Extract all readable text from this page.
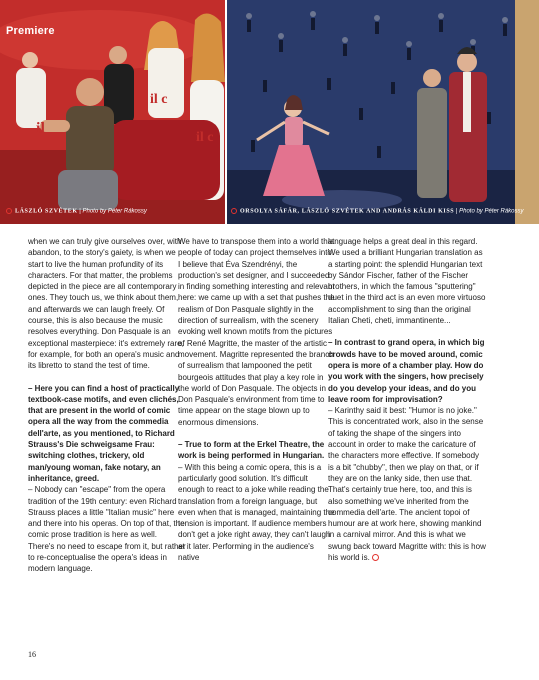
il
il c
il c
Premiere
LÁSZLÓ SZVÉTEK | Photo by Péter Rákossy	ORSOLYA SÁFÁR, LÁSZLÓ SZVÉTEK AND ANDRÁS KÁLDI KISS | Photo by Péter Rákossy

when we can truly give ourselves over, with abandon, to the story's gaiety, is when we start to live the human profundity of its characters. For that matter, the problems depicted in the piece are all contemporary ones. They touch us, we think about them, and afterwards we can laugh freely. Of course, this is also because the music resolves everything. Don Pasquale is an exceptional masterpiece: it's extremely rare, for example, for both an opera's music and its libretto to stand the test of time.

– Here you can find a host of practically textbook-case motifs, and even clichés, that are present in the world of comic opera all the way from the commedia dell'arte, as you mentioned, to Richard Strauss's Die schweigsame Frau: switching clothes, trickery, old man/young woman, fake notary, an inheritance, greed.

– Nobody can "escape" from the opera tradition of the 19th century: even Richard Strauss places a little "Italian music" here and there into his operas. On top of that, the comic prose tradition is here as well.

There's no need to escape from it, but rather to re-conceptualise the opera's ideas in modern language.

We have to transpose them into a world that people of today can project themselves into. I believe that Éva Szendrényi, the production's set designer, and I succeeded in finding something interesting and relevant here: we came up with a set that pushes the realism of Don Pasquale slightly in the direction of surrealism, with the scenery evoking well known motifs from the pictures of René Magritte, the master of the artistic movement. Magritte represented the branch of surrealism that lampooned the petit bourgeois attitudes that play a key role in the world of Don Pasquale. The objects in Don Pasquale's environment from time to time appear on the stage blown up to enormous dimensions.

– True to form at the Erkel Theatre, the work is being performed in Hungarian.

– With this being a comic opera, this is a particularly good solution. It's difficult enough to react to a joke while reading the translation from a foreign language, but even when that is managed, maintaining the tension is important. If audience members don't get a joke right away, they can't laugh at it later. Performing in the audience's native

language helps a great deal in this regard. We used a brilliant Hungarian translation as a starting point: the splendid Hungarian text by Sándor Fischer, father of the Fischer brothers, in which the famous "sputtering" duet in the third act is an even more virtuoso accomplishment to sing than the original Italian Cheti, cheti, immantinente...

– In contrast to grand opera, in which big crowds have to be moved around, comic opera is more of a chamber play. How do you work with the singers, how precisely do you develop your ideas, and do you leave room for improvisation?

– Karinthy said it best: "Humor is no joke." This is concentrated work, also in the sense of taking the shape of the singers into account in order to make the caricature of the characters more effective. If somebody is a bit "chubby", then we play on that, or if they are on the lanky side, then use that. That's certainly true here, too, and this is also something we've inherited from the commedia dell'arte. The ancient topoi of humour are at work here, showing mankind in a carnival mirror. And this is what we swung back toward Magritte with: this is how his world is.

16
